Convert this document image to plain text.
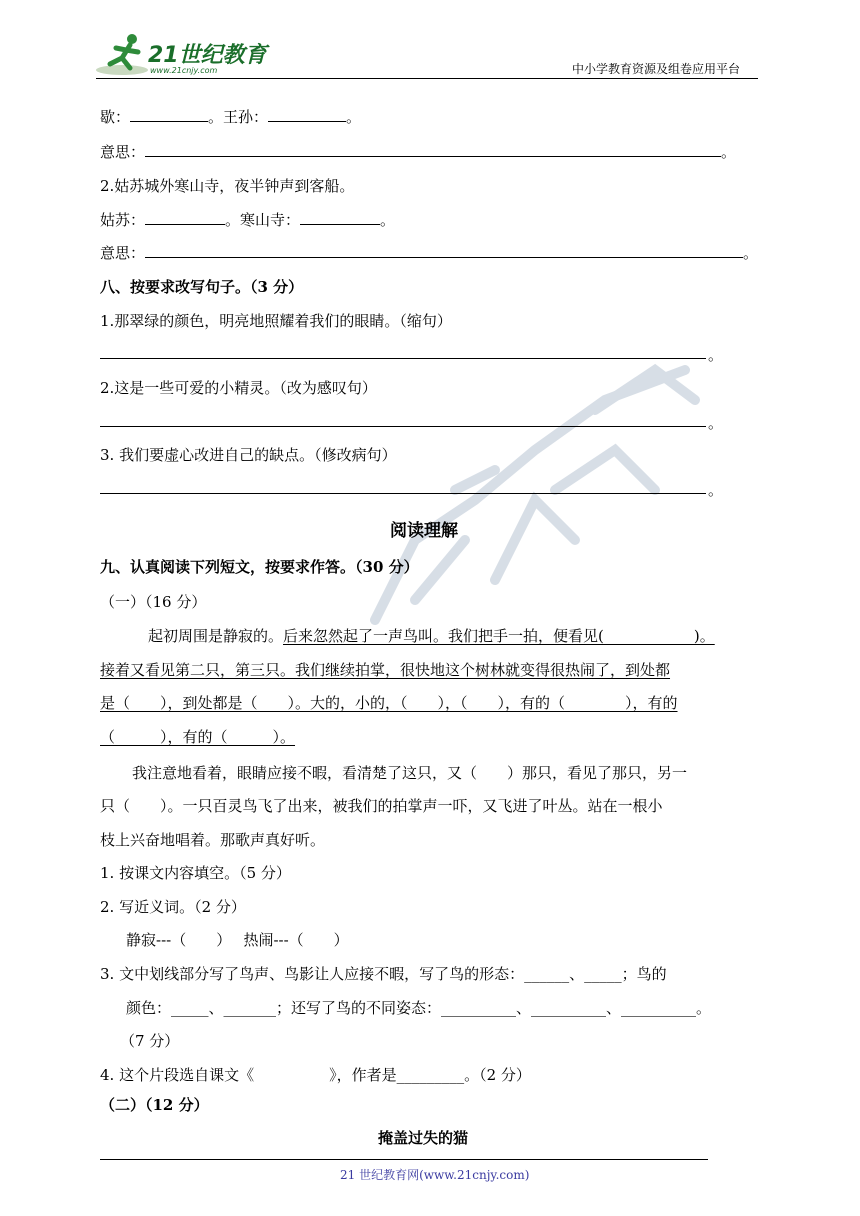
21世纪教育
www.21cnjy.com	中小学教育资源及组卷应用平台
歇：	。王孙：	。
意思：	。
2.姑苏城外寒山寺，夜半钟声到客船。
姑苏：	。寒山寺：	。
意思：	。
八、按要求改写句子。（3 分）
1.那翠绿的颜色，明亮地照耀着我们的眼睛。（缩句）
。
2.这是一些可爱的小精灵。（改为感叹句）
。
3. 我们要虚心改进自己的缺点。（修改病句）
。
阅读理解
九、认真阅读下列短文，按要求作答。（30 分）
（一）（16 分）
起初周围是静寂的。后来忽然起了一声鸟叫。我们把手一拍，便看见(　　　　　　)。
接着又看见第二只，第三只。我们继续拍掌，很快地这个树林就变得很热闹了，到处都
是（　　），到处都是（　　）。大的，小的，（　　），（　　），有的（　　　　），有的
（　　　），有的（　　　）。
我注意地看着，眼睛应接不暇，看清楚了这只，又（　　）那只，看见了那只，另一
只（　　）。一只百灵鸟飞了出来，被我们的拍掌声一吓，又飞进了叶丛。站在一根小
枝上兴奋地唱着。那歌声真好听。
1. 按课文内容填空。（5 分）
2. 写近义词。（2 分）
静寂---（　　）　 热闹---（　　）
3. 文中划线部分写了鸟声、鸟影让人应接不暇，写了鸟的形态：______、_____；鸟的
颜色：_____、_______；还写了鸟的不同姿态：__________、__________、__________。
（7 分）
4. 这个片段选自课文《　　　　　》，作者是_________。（2 分）
（二）（12 分）
掩盖过失的猫
21 世纪教育网(www.21cnjy.com)
